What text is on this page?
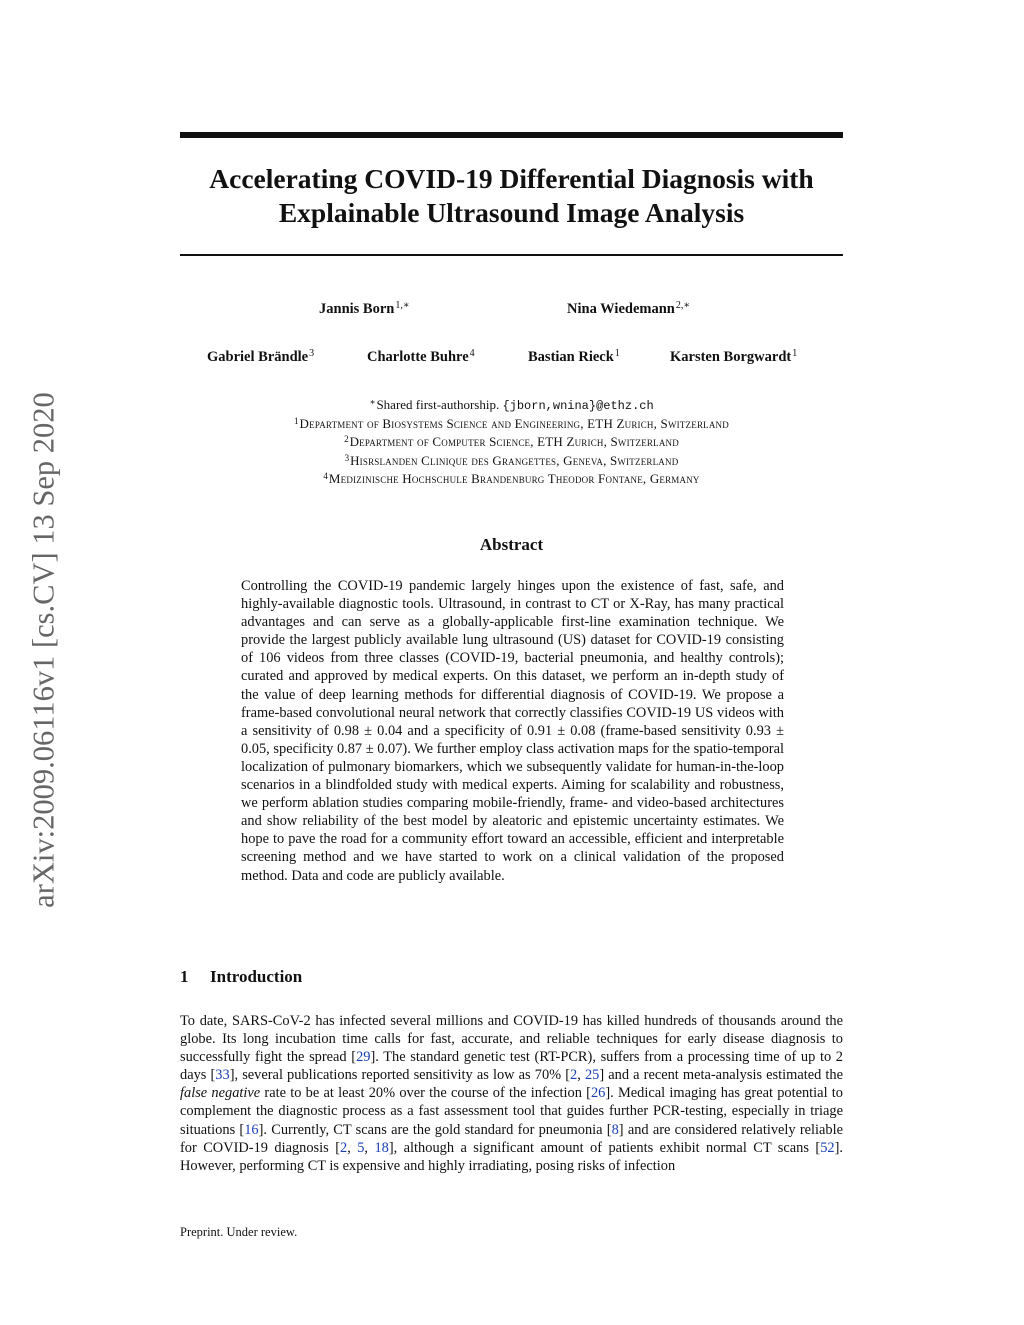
arXiv:2009.06116v1 [cs.CV] 13 Sep 2020
Accelerating COVID-19 Differential Diagnosis with
Explainable Ultrasound Image Analysis
Jannis Born$^{1,∗}$	Nina Wiedemann$^{2,∗}$
Gabriel Brändle$^3$	Charlotte Buhre$^4$	Bastian Rieck$^1$	Karsten Borgwardt$^1$
∗Shared first-authorship. {jborn,wnina}@ethz.ch
$^1$Department of Biosystems Science and Engineering, ETH Zurich, Switzerland
$^2$Department of Computer Science, ETH Zurich, Switzerland
$^3$Hisrslanden Clinique des Grangettes, Geneva, Switzerland
$^4$Medizinische Hochschule Brandenburg Theodor Fontane, Germany
Abstract
Controlling the COVID-19 pandemic largely hinges upon the existence of fast, safe, and highly-available diagnostic tools. Ultrasound, in contrast to CT or X-Ray, has many practical advantages and can serve as a globally-applicable first-line examination technique. We provide the largest publicly available lung ultrasound (US) dataset for COVID-19 consisting of 106 videos from three classes (COVID-19, bacterial pneumonia, and healthy controls); curated and approved by medical experts. On this dataset, we perform an in-depth study of the value of deep learning methods for differential diagnosis of COVID-19. We propose a frame-based convolutional neural network that correctly classifies COVID-19 US videos with a sensitivity of 0.98 ± 0.04 and a specificity of 0.91 ± 0.08 (frame-based sensitivity 0.93 ± 0.05, specificity 0.87 ± 0.07). We further employ class activation maps for the spatio-temporal localization of pulmonary biomarkers, which we subsequently validate for human-in-the-loop scenarios in a blindfolded study with medical experts. Aiming for scalability and robustness, we perform ablation studies comparing mobile-friendly, frame- and video-based architectures and show reliability of the best model by aleatoric and epistemic uncertainty estimates. We hope to pave the road for a community effort toward an accessible, efficient and interpretable screening method and we have started to work on a clinical validation of the proposed method. Data and code are publicly available.
1 Introduction
To date, SARS-CoV-2 has infected several millions and COVID-19 has killed hundreds of thousands around the globe. Its long incubation time calls for fast, accurate, and reliable techniques for early disease diagnosis to successfully fight the spread [29]. The standard genetic test (RT-PCR), suffers from a processing time of up to 2 days [33], several publications reported sensitivity as low as 70% [2, 25] and a recent meta-analysis estimated the false negative rate to be at least 20% over the course of the infection [26]. Medical imaging has great potential to complement the diagnostic process as a fast assessment tool that guides further PCR-testing, especially in triage situations [16]. Currently, CT scans are the gold standard for pneumonia [8] and are considered relatively reliable for COVID-19 diagnosis [2, 5, 18], although a significant amount of patients exhibit normal CT scans [52]. However, performing CT is expensive and highly irradiating, posing risks of infection
Preprint. Under review.
